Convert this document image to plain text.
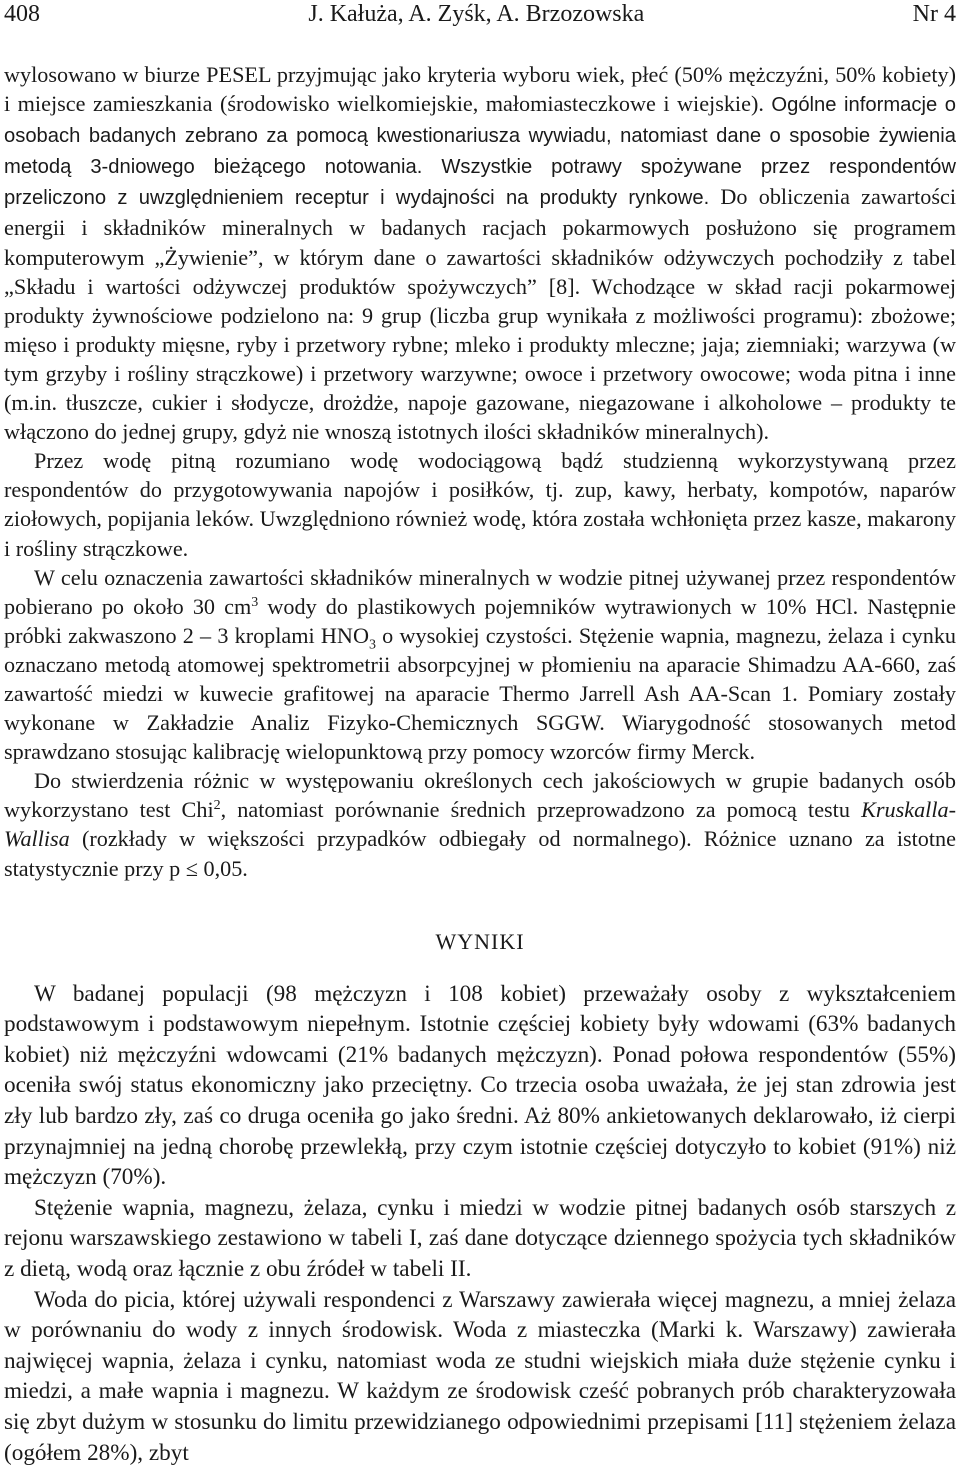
408	J. Kałuża, A. Zyśk, A. Brzozowska	Nr 4

wylosowano w biurze PESEL przyjmując jako kryteria wyboru wiek, płeć (50% mężczyźni, 50% kobiety) i miejsce zamieszkania (środowisko wielkomiejskie, małomiasteczkowe i wiejskie). Ogólne informacje o osobach badanych zebrano za pomocą kwestionariusza wywiadu, natomiast dane o sposobie żywienia metodą 3-dniowego bieżącego notowania. Wszystkie potrawy spożywane przez respondentów przeliczono z uwzględnieniem receptur i wydajności na produkty rynkowe. Do obliczenia zawartości energii i składników mineralnych w badanych racjach pokarmowych posłużono się programem komputerowym „Żywienie”, w którym dane o zawartości składników odżywczych pochodziły z tabel „Składu i wartości odżywczej produktów spożywczych” [8]. Wchodzące w skład racji pokarmowej produkty żywnościowe podzielono na: 9 grup (liczba grup wynikała z możliwości programu): zbożowe; mięso i produkty mięsne, ryby i przetwory rybne; mleko i produkty mleczne; jaja; ziemniaki; warzywa (w tym grzyby i rośliny strączkowe) i przetwory warzywne; owoce i przetwory owocowe; woda pitna i inne (m.in. tłuszcze, cukier i słodycze, drożdże, napoje gazowane, niegazowane i alkoholowe – produkty te włączono do jednej grupy, gdyż nie wnoszą istotnych ilości składników mineralnych).

Przez wodę pitną rozumiano wodę wodociągową bądź studzienną wykorzystywaną przez respondentów do przygotowywania napojów i posiłków, tj. zup, kawy, herbaty, kompotów, naparów ziołowych, popijania leków. Uwzględniono również wodę, która została wchłonięta przez kasze, makarony i rośliny strączkowe.

W celu oznaczenia zawartości składników mineralnych w wodzie pitnej używanej przez respondentów pobierano po około 30 $cm^3$ wody do plastikowych pojemników wytrawionych w 10% HCl. Następnie próbki zakwaszono 2 – 3 kroplami $HNO_3$ o wysokiej czystości. Stężenie wapnia, magnezu, żelaza i cynku oznaczano metodą atomowej spektrometrii absorpcyjnej w płomieniu na aparacie Shimadzu AA-660, zaś zawartość miedzi w kuwecie grafitowej na aparacie Thermo Jarrell Ash AA-Scan 1. Pomiary zostały wykonane w Zakładzie Analiz Fizyko-Chemicznych SGGW. Wiarygodność stosowanych metod sprawdzano stosując kalibrację wielopunktową przy pomocy wzorców firmy Merck.

Do stwierdzenia różnic w występowaniu określonych cech jakościowych w grupie badanych osób wykorzystano test Chi$^2$, natomiast porównanie średnich przeprowadzono za pomocą testu Kruskalla-Wallisa (rozkłady w większości przypadków odbiegały od normalnego). Różnice uznano za istotne statystycznie przy p ≤ 0,05.

WYNIKI

W badanej populacji (98 mężczyzn i 108 kobiet) przeważały osoby z wykształceniem podstawowym i podstawowym niepełnym. Istotnie częściej kobiety były wdowami (63% badanych kobiet) niż mężczyźni wdowcami (21% badanych mężczyzn). Ponad połowa respondentów (55%) oceniła swój status ekonomiczny jako przeciętny. Co trzecia osoba uważała, że jej stan zdrowia jest zły lub bardzo zły, zaś co druga oceniła go jako średni. Aż 80% ankietowanych deklarowało, iż cierpi przynajmniej na jedną chorobę przewlekłą, przy czym istotnie częściej dotyczyło to kobiet (91%) niż mężczyzn (70%).

Stężenie wapnia, magnezu, żelaza, cynku i miedzi w wodzie pitnej badanych osób starszych z rejonu warszawskiego zestawiono w tabeli I, zaś dane dotyczące dziennego spożycia tych składników z dietą, wodą oraz łącznie z obu źródeł w tabeli II.

Woda do picia, której używali respondenci z Warszawy zawierała więcej magnezu, a mniej żelaza w porównaniu do wody z innych środowisk. Woda z miasteczka (Marki k. Warszawy) zawierała najwięcej wapnia, żelaza i cynku, natomiast woda ze studni wiejskich miała duże stężenie cynku i miedzi, a małe wapnia i magnezu. W każdym ze środowisk cześć pobranych prób charakteryzowała się zbyt dużym w stosunku do limitu przewidzianego odpowiednimi przepisami [11] stężeniem żelaza (ogółem 28%), zbyt
